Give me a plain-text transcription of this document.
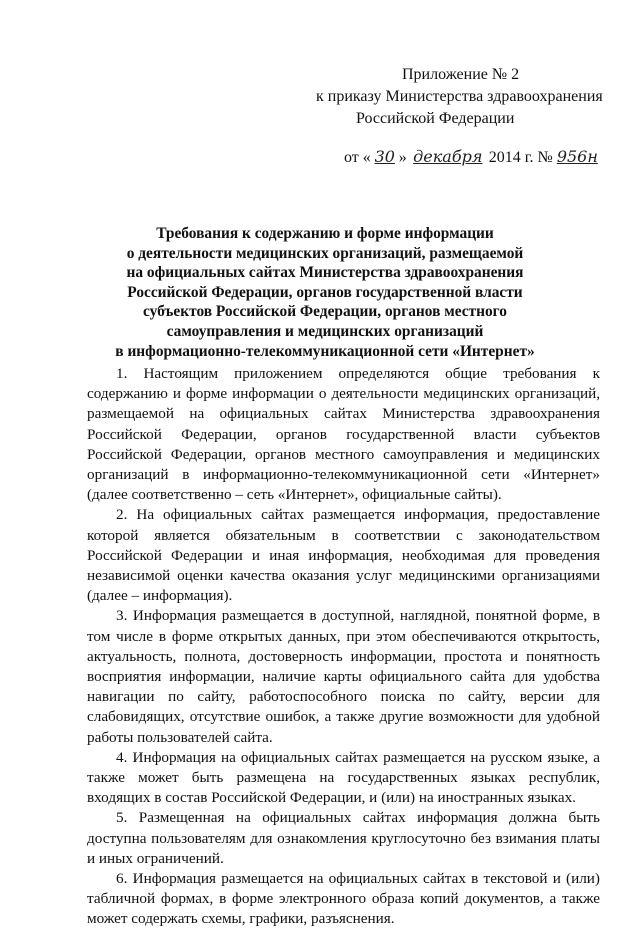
Приложение № 2
к приказу Министерства здравоохранения
Российской Федерации
от « 30 » декабря 2014 г. № 956н
Требования к содержанию и форме информации
о деятельности медицинских организаций, размещаемой
на официальных сайтах Министерства здравоохранения
Российской Федерации, органов государственной власти
субъектов Российской Федерации, органов местного
самоуправления и медицинских организаций
в информационно-телекоммуникационной сети «Интернет»

1. Настоящим приложением определяются общие требования к содержанию и форме информации о деятельности медицинских организаций, размещаемой на официальных сайтах Министерства здравоохранения Российской Федерации, органов государственной власти субъектов Российской Федерации, органов местного самоуправления и медицинских организаций в информационно-телекоммуникационной сети «Интернет» (далее соответственно – сеть «Интернет», официальные сайты).

2. На официальных сайтах размещается информация, предоставление которой является обязательным в соответствии с законодательством Российской Федерации и иная информация, необходимая для проведения независимой оценки качества оказания услуг медицинскими организациями (далее – информация).

3. Информация размещается в доступной, наглядной, понятной форме, в том числе в форме открытых данных, при этом обеспечиваются открытость, актуальность, полнота, достоверность информации, простота и понятность восприятия информации, наличие карты официального сайта для удобства навигации по сайту, работоспособного поиска по сайту, версии для слабовидящих, отсутствие ошибок, а также другие возможности для удобной работы пользователей сайта.

4. Информация на официальных сайтах размещается на русском языке, а также может быть размещена на государственных языках республик, входящих в состав Российской Федерации, и (или) на иностранных языках.

5. Размещенная на официальных сайтах информация должна быть доступна пользователям для ознакомления круглосуточно без взимания платы и иных ограничений.

6. Информация размещается на официальных сайтах в текстовой и (или) табличной формах, в форме электронного образа копий документов, а также может содержать схемы, графики, разъяснения.
